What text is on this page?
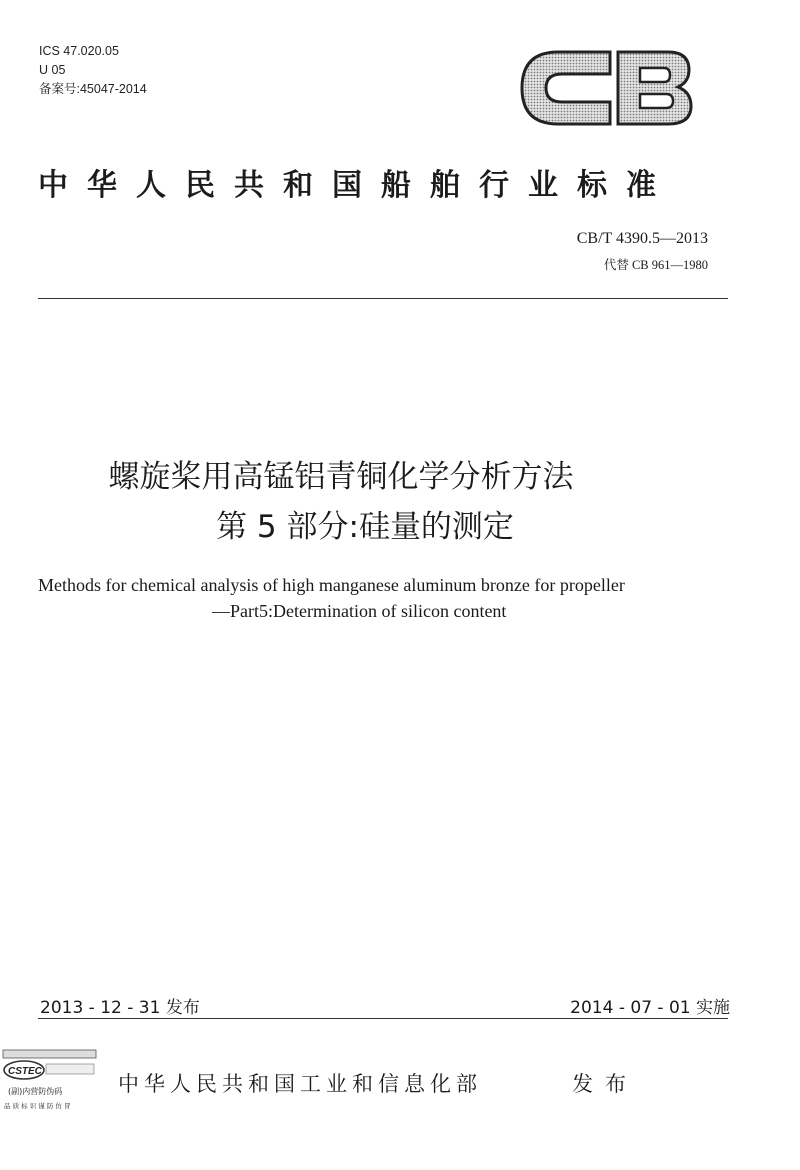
ICS 47.020.05
U 05
备案号:45047-2014
中华人民共和国船舶行业标准
CB/T 4390.5—2013
代替 CB 961—1980
螺旋桨用高锰铝青铜化学分析方法
第 5 部分:硅量的测定
Methods for chemical analysis of high manganese aluminum bronze for propeller
—Part5:Determination of silicon content
2013 - 12 - 31 发布	2014 - 07 - 01 实施
CSTEC
(副)内营防伪码
品 质 标 识 谨 防 仿 冒
中华人民共和国工业和信息化部	发布
